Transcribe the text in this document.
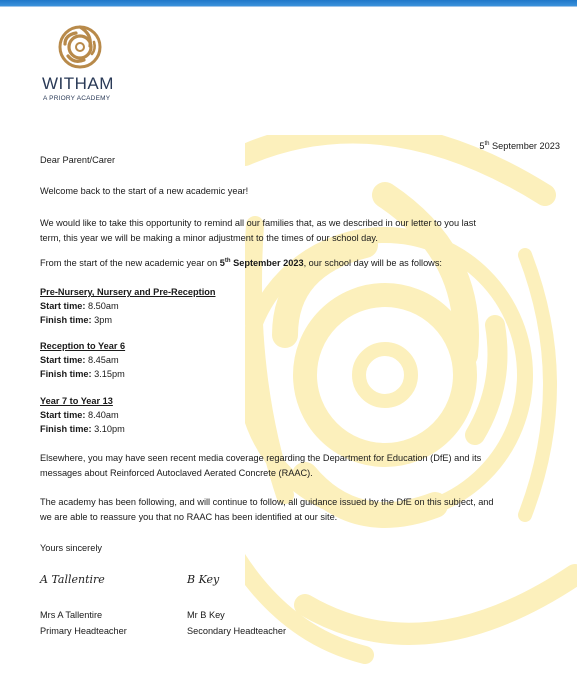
WITHAM
A PRIORY ACADEMY
5th September 2023
Dear Parent/Carer
Welcome back to the start of a new academic year!
We would like to take this opportunity to remind all our families that, as we described in our letter to you last
term, this year we will be making a minor adjustment to the times of our school day.
From the start of the new academic year on 5th September 2023, our school day will be as follows:
Pre-Nursery, Nursery and Pre-Reception
Start time: 8.50am
Finish time: 3pm
Reception to Year 6
Start time: 8.45am
Finish time: 3.15pm
Year 7 to Year 13
Start time: 8.40am
Finish time: 3.10pm
Elsewhere, you may have seen recent media coverage regarding the Department for Education (DfE) and its
messages about Reinforced Autoclaved Aerated Concrete (RAAC).
The academy has been following, and will continue to follow, all guidance issued by the DfE on this subject, and
we are able to reassure you that no RAAC has been identified at our site.
Yours sincerely
A Tallentire	B Key
Mrs A Tallentire
Primary Headteacher
Mr B Key
Secondary Headteacher
